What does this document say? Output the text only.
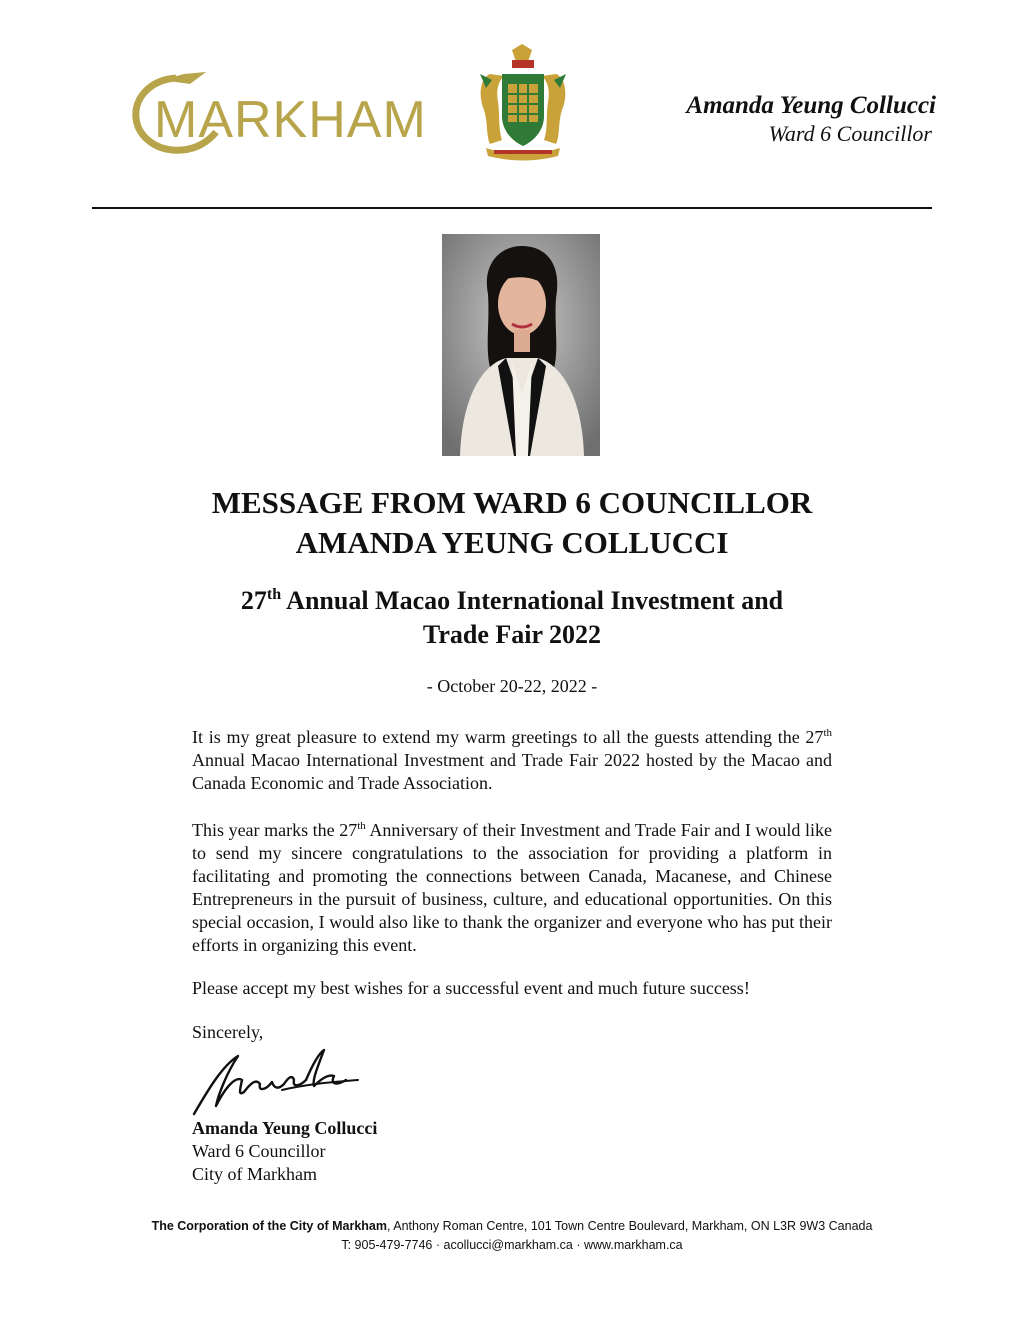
MARKHAM	Amanda Yeung Collucci
Ward 6 Councillor
MESSAGE FROM WARD 6 COUNCILLOR
AMANDA YEUNG COLLUCCI
27th Annual Macao International Investment and
Trade Fair 2022
- October 20-22, 2022 -
It is my great pleasure to extend my warm greetings to all the guests attending the 27th Annual Macao International Investment and Trade Fair 2022 hosted by the Macao and Canada Economic and Trade Association.
This year marks the 27th Anniversary of their Investment and Trade Fair and I would like to send my sincere congratulations to the association for providing a platform in facilitating and promoting the connections between Canada, Macanese, and Chinese Entrepreneurs in the pursuit of business, culture, and educational opportunities. On this special occasion, I would also like to thank the organizer and everyone who has put their efforts in organizing this event.
Please accept my best wishes for a successful event and much future success!
Sincerely,
Amanda Yeung Collucci
Ward 6 Councillor
City of Markham
The Corporation of the City of Markham, Anthony Roman Centre, 101 Town Centre Boulevard, Markham, ON L3R 9W3 Canada
T: 905-479-7746 · acollucci@markham.ca · www.markham.ca
